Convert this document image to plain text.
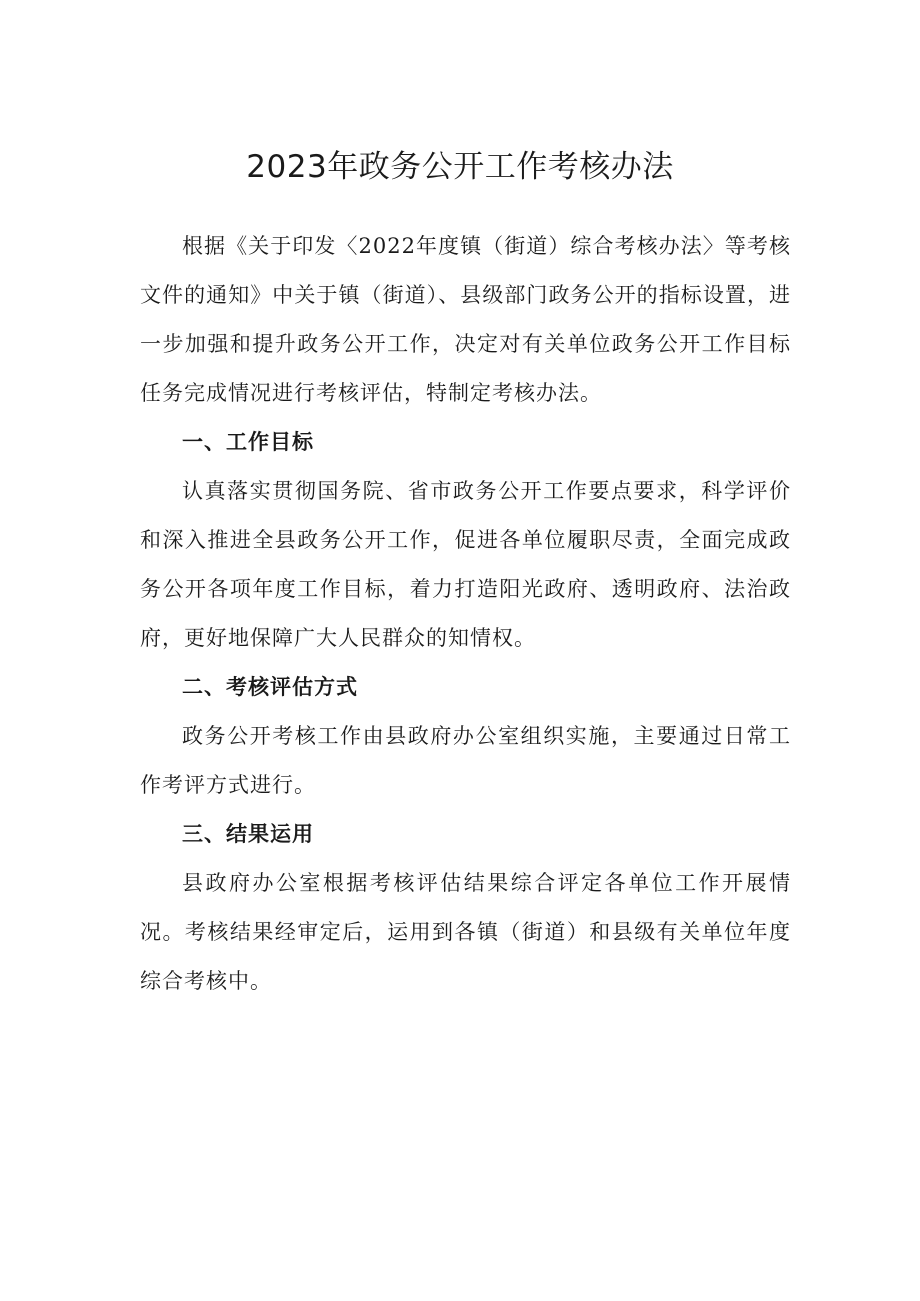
2023年政务公开工作考核办法

根据《关于印发〈2022年度镇（街道）综合考核办法〉等考核文件的通知》中关于镇（街道）、县级部门政务公开的指标设置，进一步加强和提升政务公开工作，决定对有关单位政务公开工作目标任务完成情况进行考核评估，特制定考核办法。

一、工作目标

认真落实贯彻国务院、省市政务公开工作要点要求，科学评价和深入推进全县政务公开工作，促进各单位履职尽责，全面完成政务公开各项年度工作目标，着力打造阳光政府、透明政府、法治政府，更好地保障广大人民群众的知情权。

二、考核评估方式

政务公开考核工作由县政府办公室组织实施，主要通过日常工作考评方式进行。

三、结果运用

县政府办公室根据考核评估结果综合评定各单位工作开展情况。考核结果经审定后，运用到各镇（街道）和县级有关单位年度综合考核中。
